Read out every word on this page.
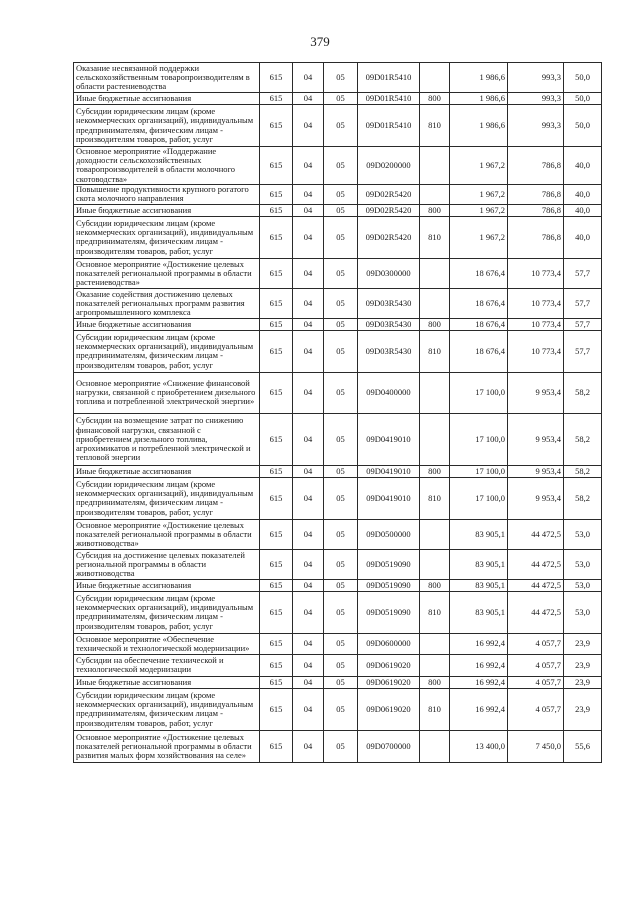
379
Оказание несвязанной поддержки сельскохозяйственным товаропроизводителям в области растениеводства	615	04	05	09D01R5410		1 986,6	993,3	50,0
Иные бюджетные ассигнования	615	04	05	09D01R5410	800	1 986,6	993,3	50,0
Субсидии юридическим лицам (кроме некоммерческих организаций), индивидуальным предпринимателям, физическим лицам - производителям товаров, работ, услуг	615	04	05	09D01R5410	810	1 986,6	993,3	50,0
Основное мероприятие «Поддержание доходности сельскохозяйственных товаропроизводителей в области молочного скотоводства»	615	04	05	09D0200000		1 967,2	786,8	40,0
Повышение продуктивности крупного рогатого скота молочного направления	615	04	05	09D02R5420		1 967,2	786,8	40,0
Иные бюджетные ассигнования	615	04	05	09D02R5420	800	1 967,2	786,8	40,0
Субсидии юридическим лицам (кроме некоммерческих организаций), индивидуальным предпринимателям, физическим лицам - производителям товаров, работ, услуг	615	04	05	09D02R5420	810	1 967,2	786,8	40,0
Основное мероприятие «Достижение целевых показателей региональной программы в области растениеводства»	615	04	05	09D0300000		18 676,4	10 773,4	57,7
Оказание содействия достижению целевых показателей региональных программ развития агропромышленного комплекса	615	04	05	09D03R5430		18 676,4	10 773,4	57,7
Иные бюджетные ассигнования	615	04	05	09D03R5430	800	18 676,4	10 773,4	57,7
Субсидии юридическим лицам (кроме некоммерческих организаций), индивидуальным предпринимателям, физическим лицам - производителям товаров, работ, услуг	615	04	05	09D03R5430	810	18 676,4	10 773,4	57,7
Основное мероприятие «Снижение финансовой нагрузки, связанной с приобретением дизельного топлива и потребленной электрической энергии»	615	04	05	09D0400000		17 100,0	9 953,4	58,2
Субсидии на возмещение затрат по снижению финансовой нагрузки, связанной с приобретением дизельного топлива, агрохимикатов и потребленной электрической и тепловой энергии	615	04	05	09D0419010		17 100,0	9 953,4	58,2
Иные бюджетные ассигнования	615	04	05	09D0419010	800	17 100,0	9 953,4	58,2
Субсидии юридическим лицам (кроме некоммерческих организаций), индивидуальным предпринимателям, физическим лицам - производителям товаров, работ, услуг	615	04	05	09D0419010	810	17 100,0	9 953,4	58,2
Основное мероприятие «Достижение целевых показателей региональной программы в области животноводства»	615	04	05	09D0500000		83 905,1	44 472,5	53,0
Субсидия на достижение целевых показателей региональной программы в области животноводства	615	04	05	09D0519090		83 905,1	44 472,5	53,0
Иные бюджетные ассигнования	615	04	05	09D0519090	800	83 905,1	44 472,5	53,0
Субсидии юридическим лицам (кроме некоммерческих организаций), индивидуальным предпринимателям, физическим лицам - производителям товаров, работ, услуг	615	04	05	09D0519090	810	83 905,1	44 472,5	53,0
Основное мероприятие «Обеспечение технической и технологической модернизации»	615	04	05	09D0600000		16 992,4	4 057,7	23,9
Субсидии на обеспечение технической и технологической модернизации	615	04	05	09D0619020		16 992,4	4 057,7	23,9
Иные бюджетные ассигнования	615	04	05	09D0619020	800	16 992,4	4 057,7	23,9
Субсидии юридическим лицам (кроме некоммерческих организаций), индивидуальным предпринимателям, физическим лицам - производителям товаров, работ, услуг	615	04	05	09D0619020	810	16 992,4	4 057,7	23,9
Основное мероприятие «Достижение целевых показателей региональной программы в области развития малых форм хозяйствования на селе»	615	04	05	09D0700000		13 400,0	7 450,0	55,6
